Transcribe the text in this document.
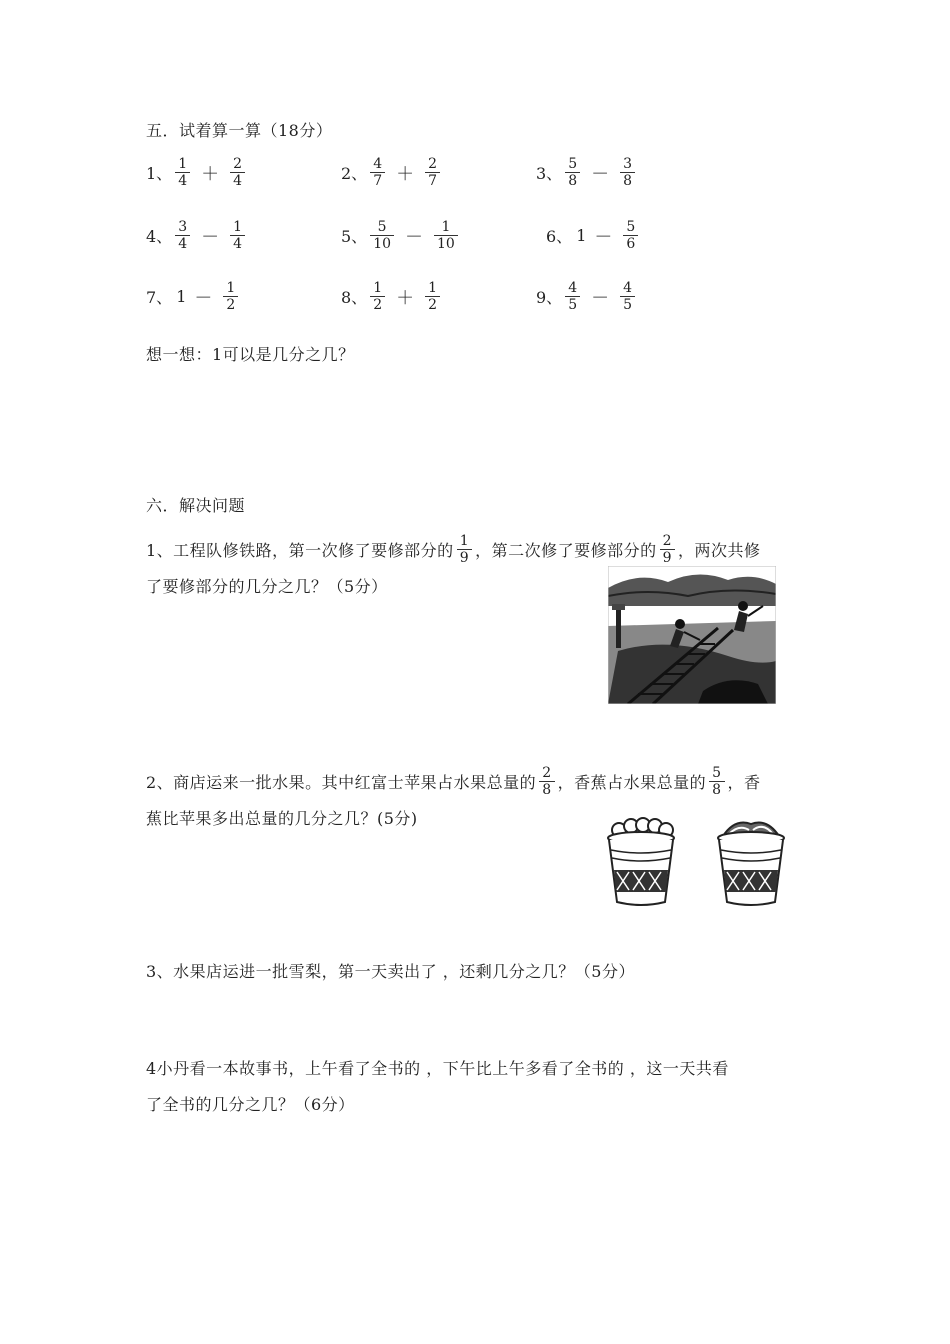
五．试着算一算（18分）
1、 $\frac{1}{4} + \frac{2}{4}$	2、 $\frac{4}{7} + \frac{2}{7}$	3、 $\frac{5}{8} - \frac{3}{8}$
4、 $\frac{3}{4} - \frac{1}{4}$	5、 $\frac{5}{10} - \frac{1}{10}$	6、 $1 - \frac{5}{6}$
7、 $1 - \frac{1}{2}$	8、 $\frac{1}{2} + \frac{1}{2}$	9、 $\frac{4}{5} - \frac{4}{5}$
想一想：1可以是几分之几？
六．解决问题
1、工程队修铁路，第一次修了要修部分的 $\frac{1}{9}$ ，第二次修了要修部分的 $\frac{2}{9}$ ，两次共修
了要修部分的几分之几？（5分）
2、商店运来一批水果。其中红富士苹果占水果总量的 $\frac{2}{8}$ ，香蕉占水果总量的 $\frac{5}{8}$ ，香
蕉比苹果多出总量的几分之几？(5分)
3、水果店运进一批雪梨，第一天卖出了 ，还剩几分之几？（5分）
4小丹看一本故事书，上午看了全书的 ，下午比上午多看了全书的 ，这一天共看
了全书的几分之几？（6分）
